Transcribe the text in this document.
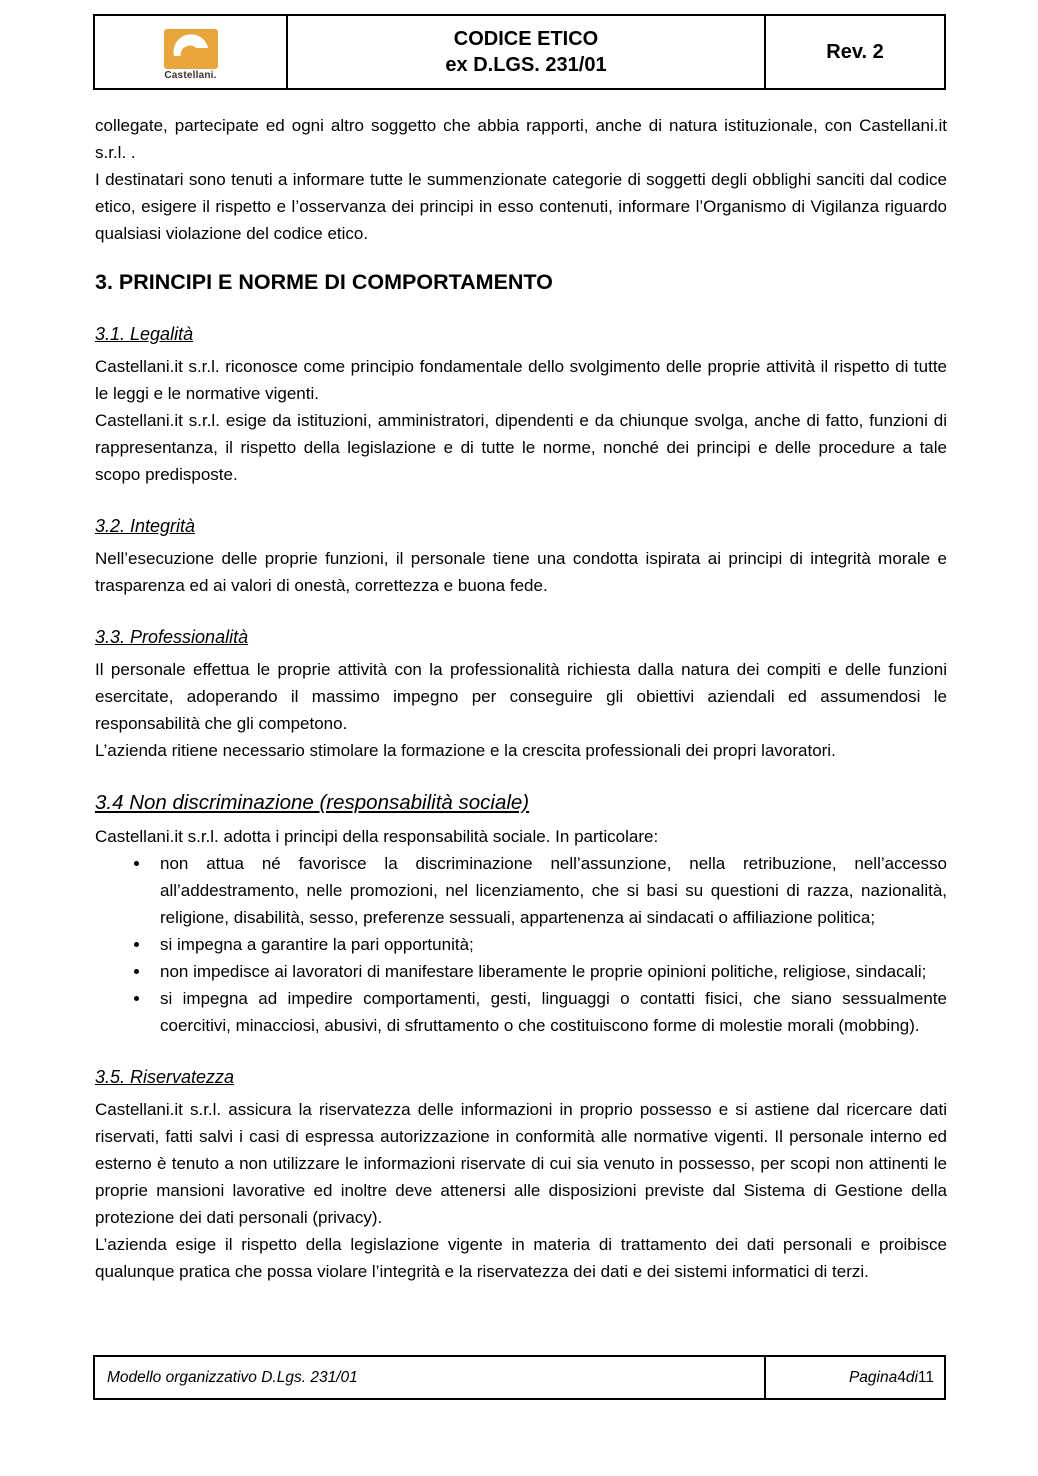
Castellani.
CODICE ETICO
ex D.LGS. 231/01
Rev. 2

collegate, partecipate ed ogni altro soggetto che abbia rapporti, anche di natura istituzionale, con Castellani.it s.r.l. .

I destinatari sono tenuti a informare tutte le summenzionate categorie di soggetti degli obblighi sanciti dal codice etico, esigere il rispetto e l’osservanza dei principi in esso contenuti, informare l’Organismo di Vigilanza riguardo qualsiasi violazione del codice etico.

3. PRINCIPI E NORME DI COMPORTAMENTO
3.1. Legalità

Castellani.it s.r.l. riconosce come principio fondamentale dello svolgimento delle proprie attività il rispetto di tutte le leggi e le normative vigenti.

Castellani.it s.r.l. esige da istituzioni, amministratori, dipendenti e da chiunque svolga, anche di fatto, funzioni di rappresentanza, il rispetto della legislazione e di tutte le norme, nonché dei principi e delle procedure a tale scopo predisposte.

3.2. Integrità

Nell’esecuzione delle proprie funzioni, il personale tiene una condotta ispirata ai principi di integrità morale e trasparenza ed ai valori di onestà, correttezza e buona fede.

3.3. Professionalità

Il personale effettua le proprie attività con la professionalità richiesta dalla natura dei compiti e delle funzioni esercitate, adoperando il massimo impegno per conseguire gli obiettivi aziendali ed assumendosi le responsabilità che gli competono.

L’azienda ritiene necessario stimolare la formazione e la crescita professionali dei propri lavoratori.

3.4 Non discriminazione (responsabilità sociale)

Castellani.it s.r.l. adotta i principi della responsabilità sociale. In particolare:

• non attua né favorisce la discriminazione nell’assunzione, nella retribuzione, nell’accesso all’addestramento, nelle promozioni, nel licenziamento, che si basi su questioni di razza, nazionalità, religione, disabilità, sesso, preferenze sessuali, appartenenza ai sindacati o affiliazione politica;
• si impegna a garantire la pari opportunità;
• non impedisce ai lavoratori di manifestare liberamente le proprie opinioni politiche, religiose, sindacali;
• si impegna ad impedire comportamenti, gesti, linguaggi o contatti fisici, che siano sessualmente coercitivi, minacciosi, abusivi, di sfruttamento o che costituiscono forme di molestie morali (mobbing).
3.5. Riservatezza

Castellani.it s.r.l. assicura la riservatezza delle informazioni in proprio possesso e si astiene dal ricercare dati riservati, fatti salvi i casi di espressa autorizzazione in conformità alle normative vigenti. Il personale interno ed esterno è tenuto a non utilizzare le informazioni riservate di cui sia venuto in possesso, per scopi non attinenti le proprie mansioni lavorative ed inoltre deve attenersi alle disposizioni previste dal Sistema di Gestione della protezione dei dati personali (privacy).

L’azienda esige il rispetto della legislazione vigente in materia di trattamento dei dati personali e proibisce qualunque pratica che possa violare l’integrità e la riservatezza dei dati e dei sistemi informatici di terzi.

Modello organizzativo D.Lgs. 231/01	Pagina 4 di 11
